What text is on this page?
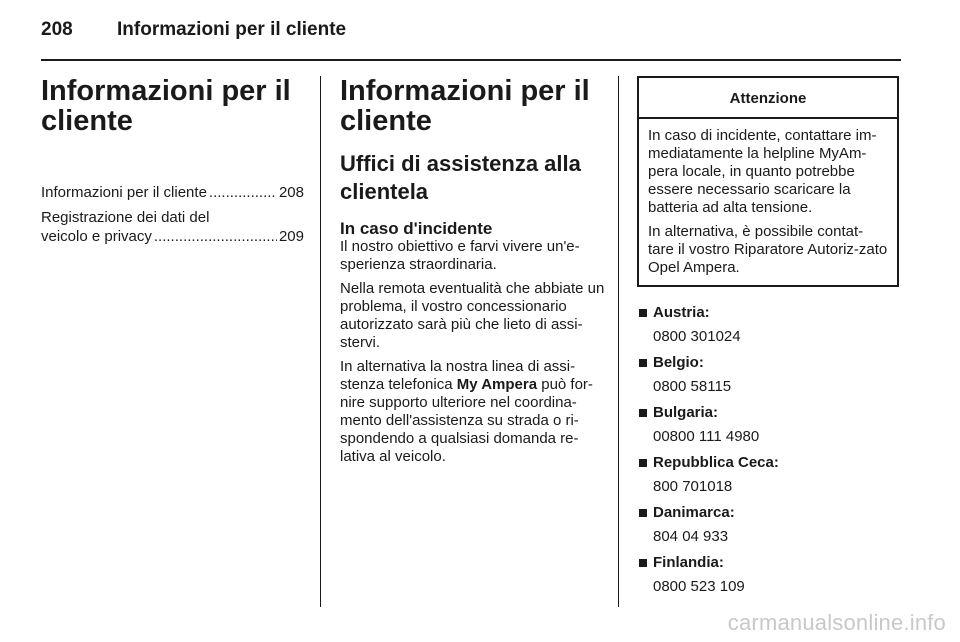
208 Informazioni per il cliente
Informazioni per il cliente
Informazioni per il cliente .....	208
Registrazione dei dati del
veicolo e privacy .....	209
Informazioni per il cliente
Uffici di assistenza alla clientela
In caso d'incidente

Il nostro obiettivo e farvi vivere un'e-sperienza straordinaria.

Nella remota eventualità che abbiate un problema, il vostro concessionario autorizzato sarà più che lieto di assi-stervi.

In alternativa la nostra linea di assi-stenza telefonica My Ampera può for-nire supporto ulteriore nel coordina-mento dell'assistenza su strada o ri-spondendo a qualsiasi domanda re-lativa al veicolo.

Attenzione

In caso di incidente, contattare im-mediatamente la helpline MyAm-pera locale, in quanto potrebbe essere necessario scaricare la batteria ad alta tensione.

In alternativa, è possibile contat-tare il vostro Riparatore Autoriz-zato Opel Ampera.

Austria:
0800 301024
Belgio:
0800 58115
Bulgaria:
00800 111 4980
Repubblica Ceca:
800 701018
Danimarca:
804 04 933
Finlandia:
0800 523 109
carmanualsonline.info
